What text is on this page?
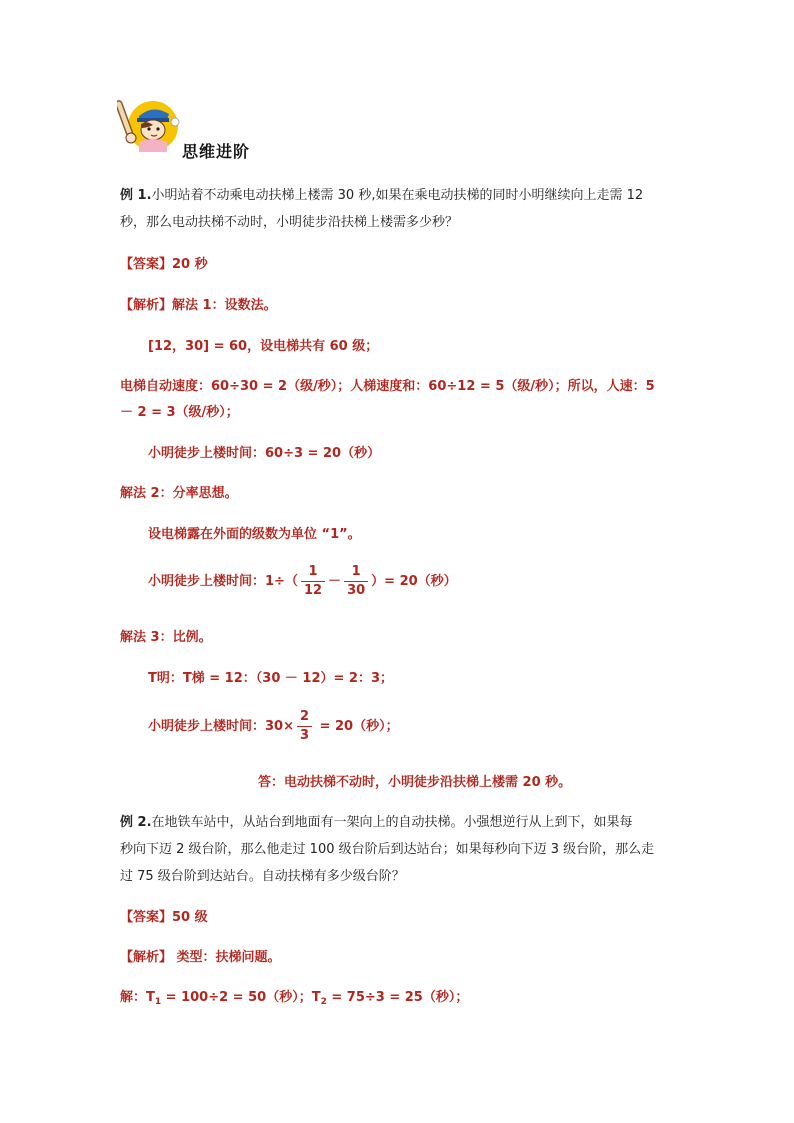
思维进阶
例 1.小明站着不动乘电动扶梯上楼需 30 秒,如果在乘电动扶梯的同时小明继续向上走需 12
秒，那么电动扶梯不动时，小明徒步沿扶梯上楼需多少秒？
【答案】20 秒
【解析】解法 1：设数法。
[12，30] = 60，设电梯共有 60 级；
电梯自动速度：60÷30 = 2（级/秒）；人梯速度和：60÷12 = 5（级/秒）；所以，人速：5
－ 2 = 3（级/秒）；
小明徒步上楼时间：60÷3 = 20（秒）
解法 2：分率思想。
设电梯露在外面的级数为单位 “1”。
小明徒步上楼时间：$1\div( \frac{1}{12} - \frac{1}{30}$ ）= 20（秒）
解法 3：比例。
T明：T梯 = 12：（30 － 12）= 2：3；
小明徒步上楼时间：$30\times \frac{2}{3} = 20$（秒）；
答：电动扶梯不动时，小明徒步沿扶梯上楼需 20 秒。
例 2.在地铁车站中，从站台到地面有一架向上的自动扶梯。小强想逆行从上到下，如果每
秒向下迈 2 级台阶，那么他走过 100 级台阶后到达站台；如果每秒向下迈 3 级台阶，那么走
过 75 级台阶到达站台。自动扶梯有多少级台阶？
【答案】50 级
【解析】 类型：扶梯问题。
解：$T_1 = 100\div 2 = 50$（秒）；$T_2 = 75\div 3 = 25$（秒）；
